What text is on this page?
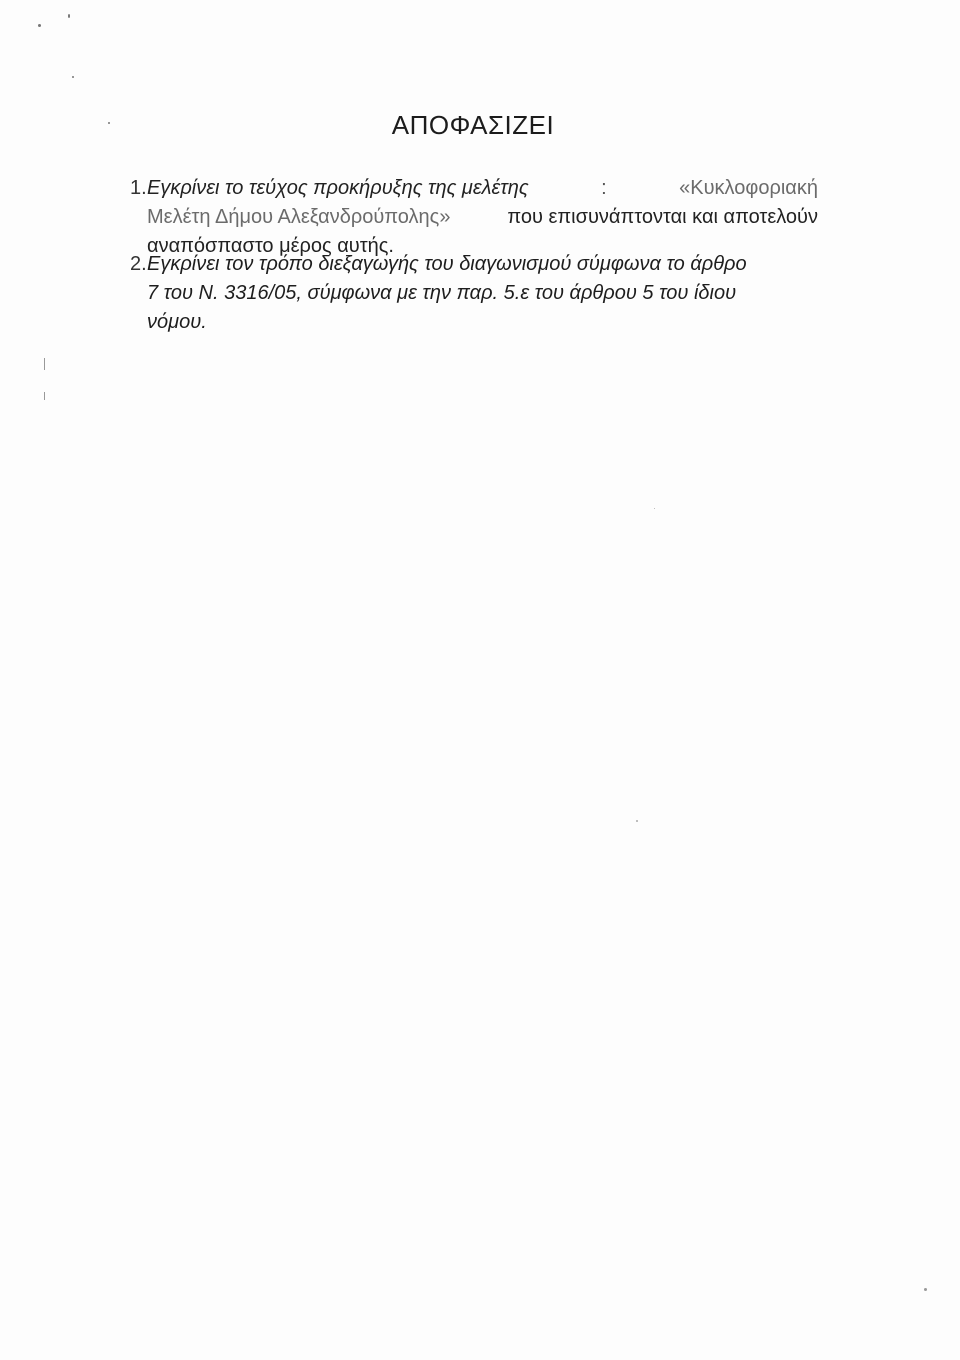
ΑΠΟΦΑΣΙΖΕΙ
1. Εγκρίνει το τεύχος προκήρυξης της μελέτης	:	«Κυκλοφοριακή
Μελέτη Δήμου Αλεξανδρούπολης»	που επισυνάπτονται και αποτελούν
αναπόσπαστο μέρος αυτής.
2. Εγκρίνει τον τρόπο διεξαγωγής του διαγωνισμού σύμφωνα το άρθρο
7 του Ν. 3316/05, σύμφωνα με την παρ. 5.ε του άρθρου 5 του ίδιου
νόμου.
